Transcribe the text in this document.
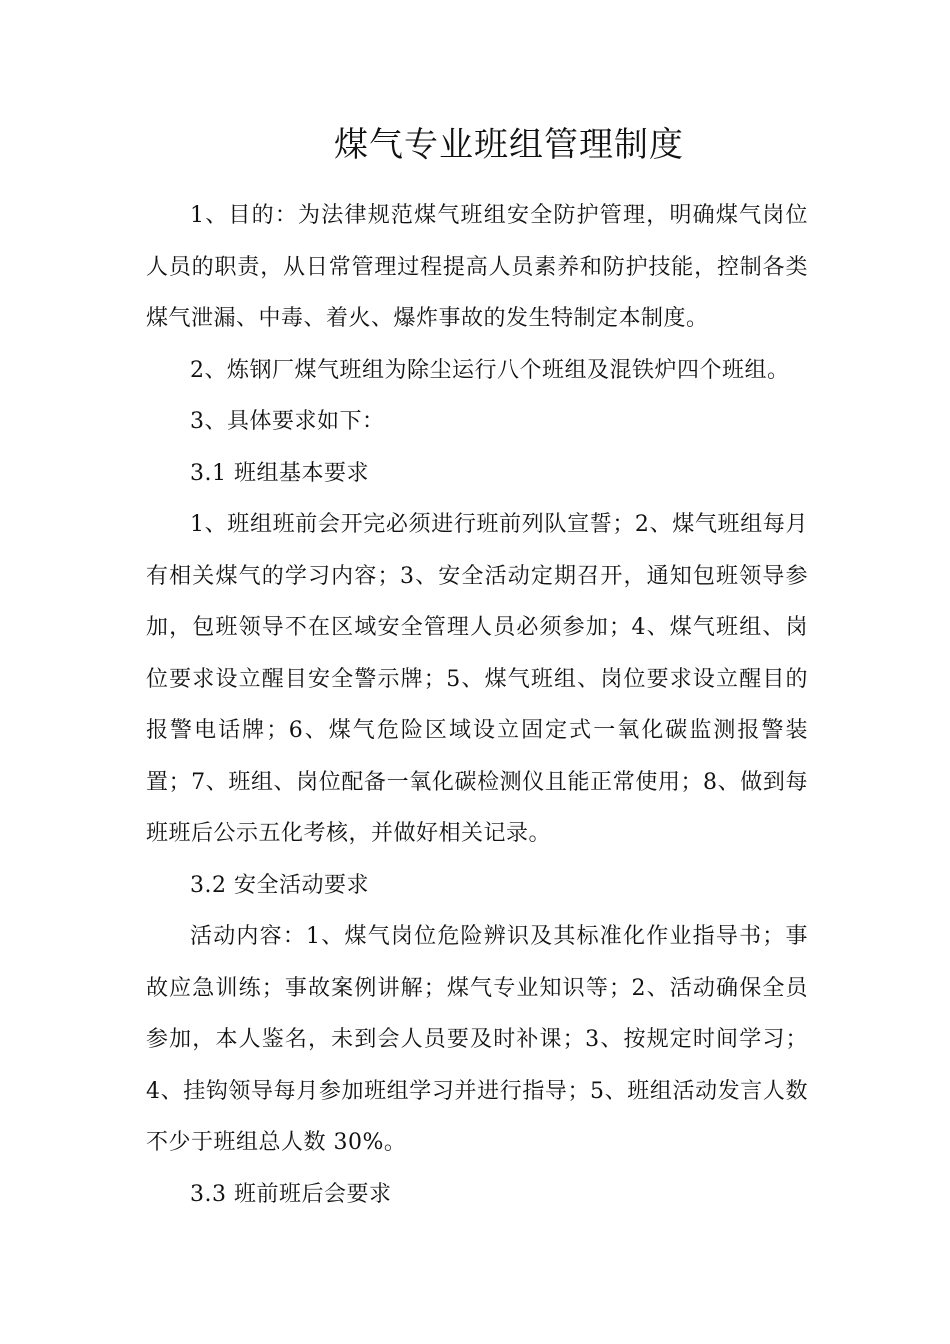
煤气专业班组管理制度

1、目的：为法律规范煤气班组安全防护管理，明确煤气岗位人员的职责，从日常管理过程提高人员素养和防护技能，控制各类煤气泄漏、中毒、着火、爆炸事故的发生特制定本制度。

2、炼钢厂煤气班组为除尘运行八个班组及混铁炉四个班组。

3、具体要求如下：

3.1 班组基本要求

1、班组班前会开完必须进行班前列队宣誓；2、煤气班组每月有相关煤气的学习内容；3、安全活动定期召开，通知包班领导参加，包班领导不在区域安全管理人员必须参加；4、煤气班组、岗位要求设立醒目安全警示牌；5、煤气班组、岗位要求设立醒目的报警电话牌；6、煤气危险区域设立固定式一氧化碳监测报警装置；7、班组、岗位配备一氧化碳检测仪且能正常使用；8、做到每班班后公示五化考核，并做好相关记录。

3.2 安全活动要求

活动内容：1、煤气岗位危险辨识及其标准化作业指导书；事故应急训练；事故案例讲解；煤气专业知识等；2、活动确保全员参加，本人鉴名，未到会人员要及时补课；3、按规定时间学习；4、挂钩领导每月参加班组学习并进行指导；5、班组活动发言人数不少于班组总人数 30%。

3.3 班前班后会要求
